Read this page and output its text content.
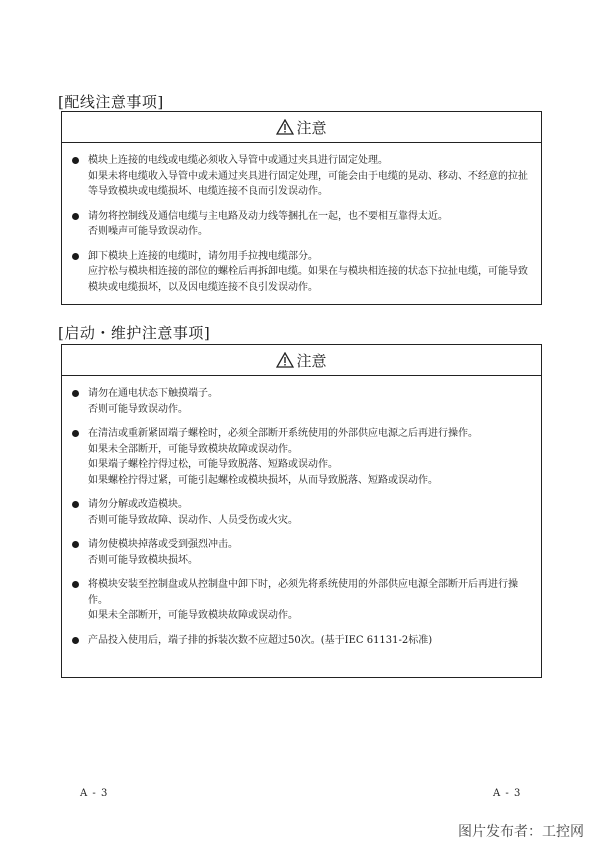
[配线注意事项]
注意
模块上连接的电线或电缆必须收入导管中或通过夹具进行固定处理。
如果未将电缆收入导管中或未通过夹具进行固定处理，可能会由于电缆的晃动、移动、不经意的拉扯
等导致模块或电缆损坏、电缆连接不良而引发误动作。
请勿将控制线及通信电缆与主电路及动力线等捆扎在一起，也不要相互靠得太近。
否则噪声可能导致误动作。
卸下模块上连接的电缆时，请勿用手拉拽电缆部分。
应拧松与模块相连接的部位的螺栓后再拆卸电缆。如果在与模块相连接的状态下拉扯电缆，可能导致
模块或电缆损坏，以及因电缆连接不良引发误动作。
[启动・维护注意事项]
注意
请勿在通电状态下触摸端子。
否则可能导致误动作。
在清洁或重新紧固端子螺栓时，必须全部断开系统使用的外部供应电源之后再进行操作。
如果未全部断开，可能导致模块故障或误动作。
如果端子螺栓拧得过松，可能导致脱落、短路或误动作。
如果螺栓拧得过紧，可能引起螺栓或模块损坏，从而导致脱落、短路或误动作。
请勿分解或改造模块。
否则可能导致故障、误动作、人员受伤或火灾。
请勿使模块掉落或受到强烈冲击。
否则可能导致模块损坏。
将模块安装至控制盘或从控制盘中卸下时，必须先将系统使用的外部供应电源全部断开后再进行操
作。
如果未全部断开，可能导致模块故障或误动作。
产品投入使用后，端子排的拆装次数不应超过50次。(基于IEC 61131-2标准)
A - 3	A - 3
图片发布者：工控网
